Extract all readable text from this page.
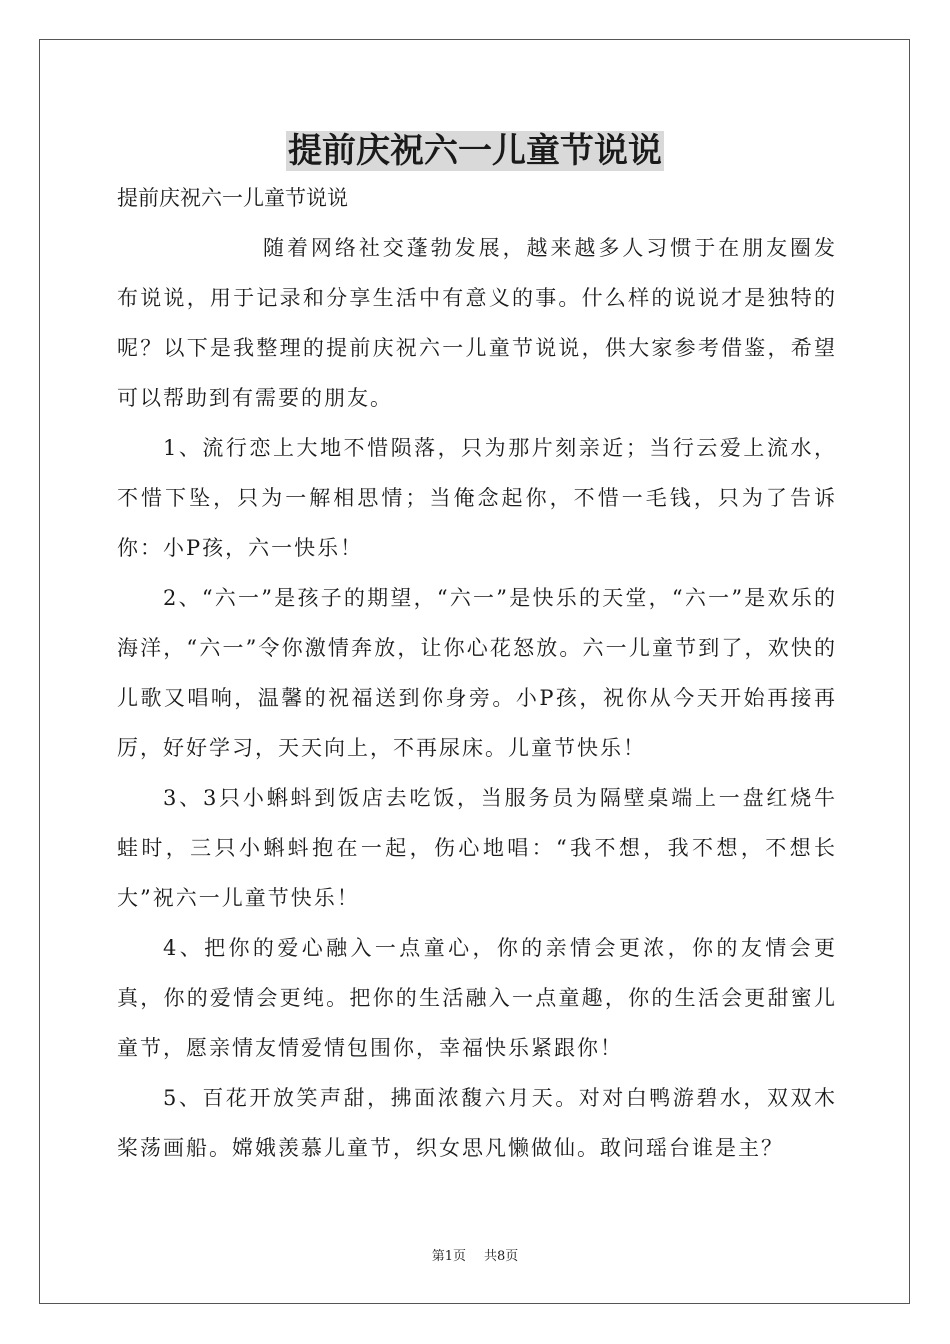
提前庆祝六一儿童节说说

提前庆祝六一儿童节说说

随着网络社交蓬勃发展，越来越多人习惯于在朋友圈发布说说，用于记录和分享生活中有意义的事。什么样的说说才是独特的呢？以下是我整理的提前庆祝六一儿童节说说，供大家参考借鉴，希望可以帮助到有需要的朋友。

1、流行恋上大地不惜陨落，只为那片刻亲近；当行云爱上流水，不惜下坠，只为一解相思情；当俺念起你，不惜一毛钱，只为了告诉你：小P孩，六一快乐！

2、“六一”是孩子的期望，“六一”是快乐的天堂，“六一”是欢乐的海洋，“六一”令你激情奔放，让你心花怒放。六一儿童节到了，欢快的儿歌又唱响，温馨的祝福送到你身旁。小P孩，祝你从今天开始再接再厉，好好学习，天天向上，不再尿床。儿童节快乐！

3、3只小蝌蚪到饭店去吃饭，当服务员为隔壁桌端上一盘红烧牛蛙时，三只小蝌蚪抱在一起，伤心地唱：“我不想，我不想，不想长大”祝六一儿童节快乐！

4、把你的爱心融入一点童心，你的亲情会更浓，你的友情会更真，你的爱情会更纯。把你的生活融入一点童趣，你的生活会更甜蜜儿童节，愿亲情友情爱情包围你，幸福快乐紧跟你！

5、百花开放笑声甜，拂面浓馥六月天。对对白鸭游碧水，双双木桨荡画船。嫦娥羡慕儿童节，织女思凡懒做仙。敢问瑶台谁是主？

第1页 共8页
